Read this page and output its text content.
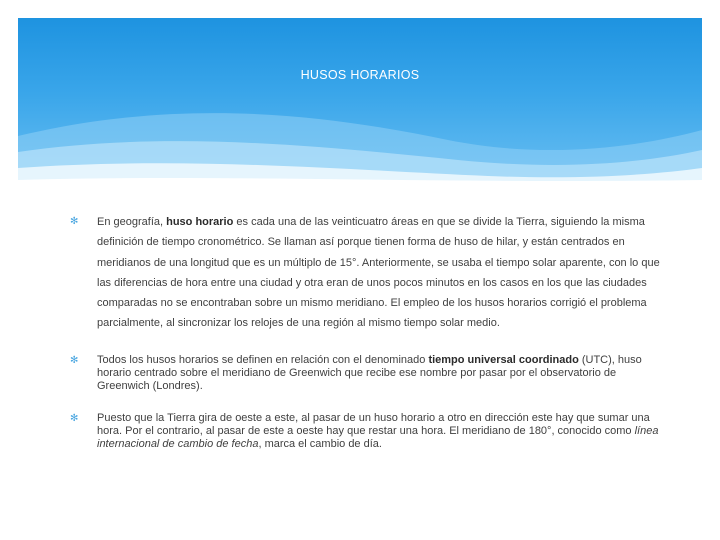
HUSOS HORARIOS
✻ En geografía, huso horario es cada una de las veinticuatro áreas en que se divide la Tierra, siguiendo la misma definición de tiempo cronométrico. Se llaman así porque tienen forma de huso de hilar, y están centrados en meridianos de una longitud que es un múltiplo de 15°. Anteriormente, se usaba el tiempo solar aparente, con lo que las diferencias de hora entre una ciudad y otra eran de unos pocos minutos en los casos en los que las ciudades comparadas no se encontraban sobre un mismo meridiano. El empleo de los husos horarios corrigió el problema parcialmente, al sincronizar los relojes de una región al mismo tiempo solar medio.
✻ Todos los husos horarios se definen en relación con el denominado tiempo universal coordinado (UTC), huso horario centrado sobre el meridiano de Greenwich que recibe ese nombre por pasar por el observatorio de Greenwich (Londres).
✻ Puesto que la Tierra gira de oeste a este, al pasar de un huso horario a otro en dirección este hay que sumar una hora. Por el contrario, al pasar de este a oeste hay que restar una hora. El meridiano de 180°, conocido como línea internacional de cambio de fecha, marca el cambio de día.
